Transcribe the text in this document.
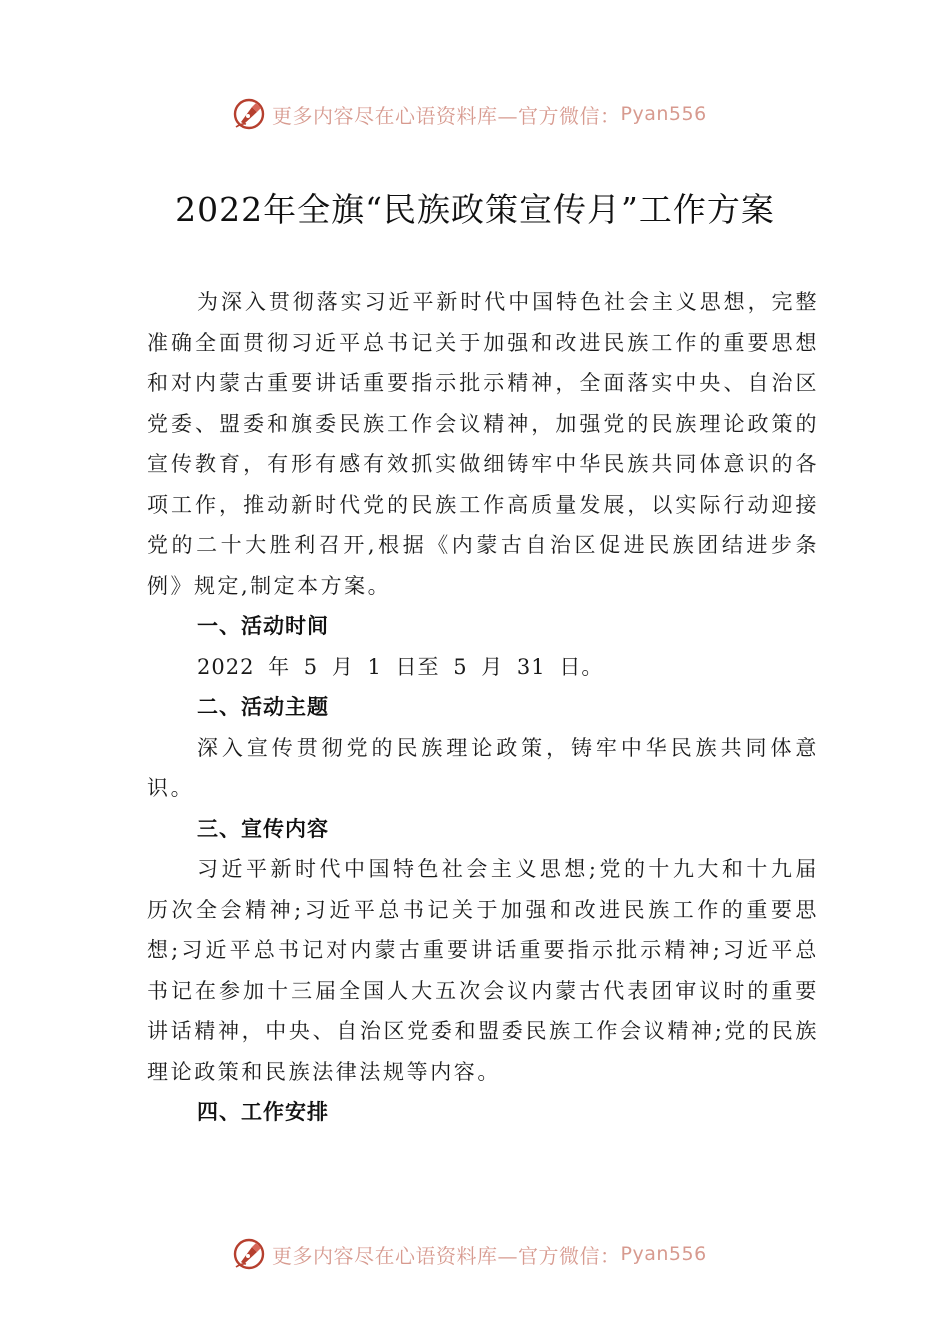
更多内容尽在心语资料库—官方微信： Pyan556
2022年全旗“民族政策宣传月”工作方案

为深入贯彻落实习近平新时代中国特色社会主义思想，完整准确全面贯彻习近平总书记关于加强和改进民族工作的重要思想和对内蒙古重要讲话重要指示批示精神，全面落实中央、自治区党委、盟委和旗委民族工作会议精神，加强党的民族理论政策的宣传教育，有形有感有效抓实做细铸牢中华民族共同体意识的各项工作，推动新时代党的民族工作高质量发展，以实际行动迎接党的二十大胜利召开,根据《内蒙古自治区促进民族团结进步条例》规定,制定本方案。

一、活动时间

2022 年 5 月 1 日至 5 月 31 日。

二、活动主题

深入宣传贯彻党的民族理论政策，铸牢中华民族共同体意识。

三、宣传内容

习近平新时代中国特色社会主义思想;党的十九大和十九届历次全会精神;习近平总书记关于加强和改进民族工作的重要思想;习近平总书记对内蒙古重要讲话重要指示批示精神;习近平总书记在参加十三届全国人大五次会议内蒙古代表团审议时的重要讲话精神，中央、自治区党委和盟委民族工作会议精神;党的民族理论政策和民族法律法规等内容。

四、工作安排

更多内容尽在心语资料库—官方微信： Pyan556
